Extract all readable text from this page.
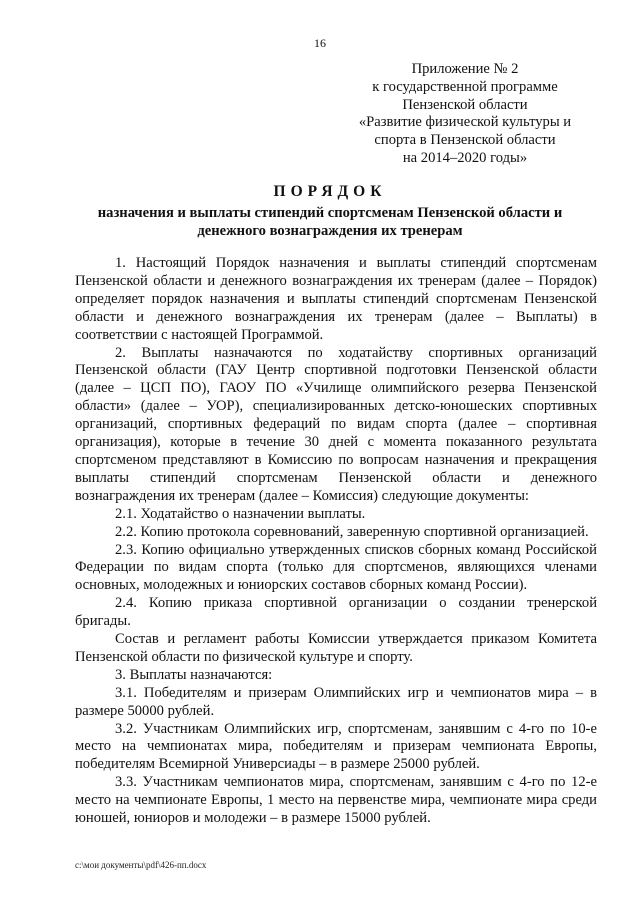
16
Приложение № 2
к государственной программе
Пензенской области
«Развитие физической культуры и
спорта в Пензенской области
на 2014–2020 годы»
ПОРЯДОК
назначения и выплаты стипендий спортсменам Пензенской области и
денежного вознаграждения их тренерам

1. Настоящий Порядок назначения и выплаты стипендий спортсменам Пензенской области и денежного вознаграждения их тренерам (далее – Порядок) определяет порядок назначения и выплаты стипендий спортсменам Пензенской области и денежного вознаграждения их тренерам (далее – Выплаты) в соответствии с настоящей Программой.

2. Выплаты назначаются по ходатайству спортивных организаций Пензенской области (ГАУ Центр спортивной подготовки Пензенской области (далее – ЦСП ПО), ГАОУ ПО «Училище олимпийского резерва Пензенской области» (далее – УОР), специализированных детско-юношеских спортивных организаций, спортивных федераций по видам спорта (далее – спортивная организация), которые в течение 30 дней с момента показанного результата спортсменом представляют в Комиссию по вопросам назначения и прекращения выплаты стипендий спортсменам Пензенской области и денежного вознаграждения их тренерам (далее – Комиссия) следующие документы:

2.1. Ходатайство о назначении выплаты.

2.2. Копию протокола соревнований, заверенную спортивной организацией.

2.3. Копию официально утвержденных списков сборных команд Российской Федерации по видам спорта (только для спортсменов, являющихся членами основных, молодежных и юниорских составов сборных команд России).

2.4. Копию приказа спортивной организации о создании тренерской бригады.

Состав и регламент работы Комиссии утверждается приказом Комитета Пензенской области по физической культуре и спорту.

3. Выплаты назначаются:

3.1. Победителям и призерам Олимпийских игр и чемпионатов мира – в размере 50000 рублей.

3.2. Участникам Олимпийских игр, спортсменам, занявшим с 4-го по 10-е место на чемпионатах мира, победителям и призерам чемпионата Европы, победителям Всемирной Универсиады – в размере 25000 рублей.

3.3. Участникам чемпионатов мира, спортсменам, занявшим с 4-го по 12-е место на чемпионате Европы, 1 место на первенстве мира, чемпионате мира среди юношей, юниоров и молодежи – в размере 15000 рублей.

c:\мои документы\pdf\426-пп.docx
